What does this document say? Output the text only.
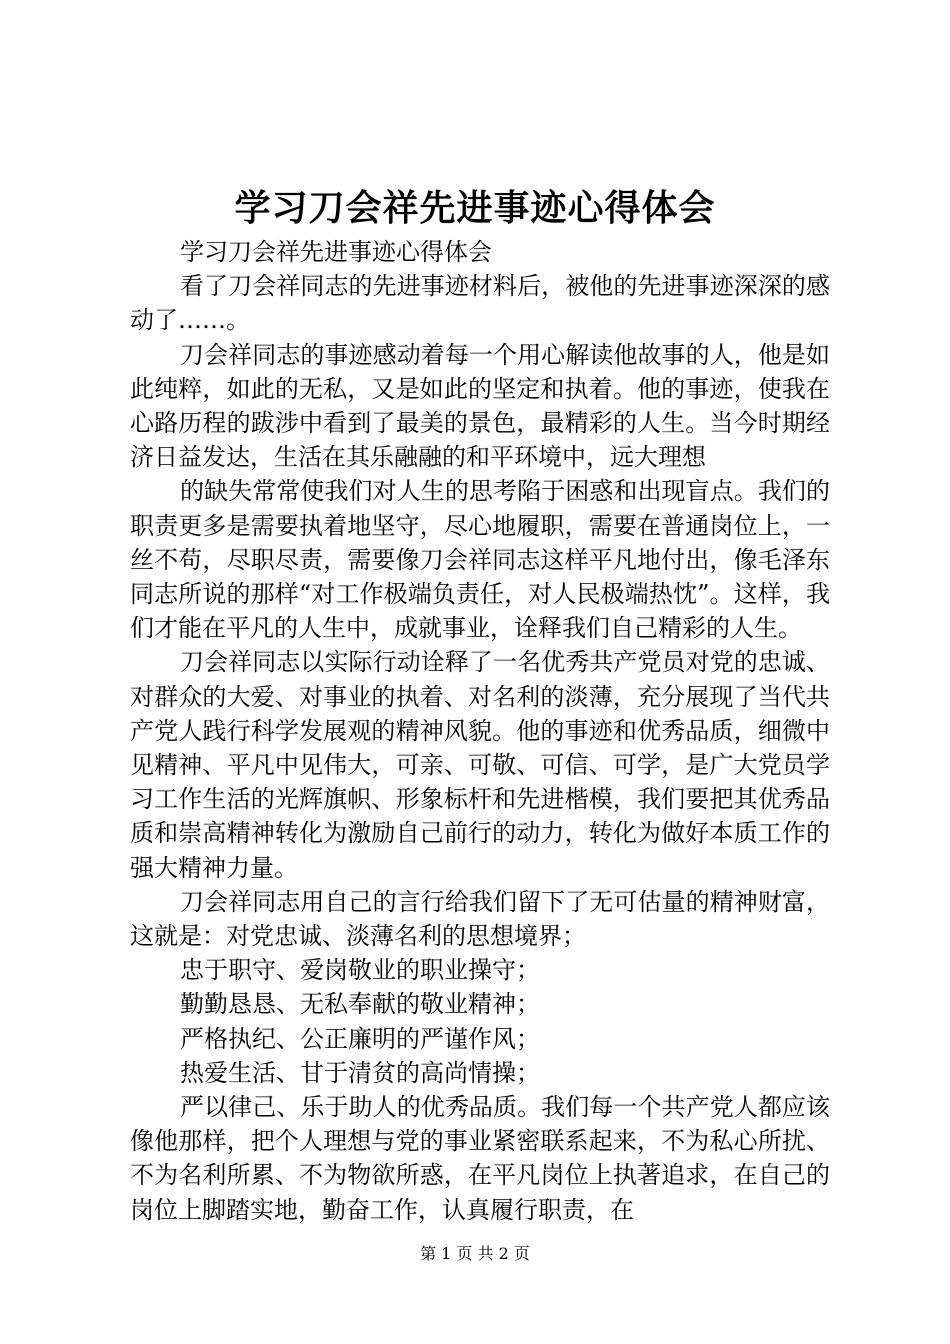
学习刀会祥先进事迹心得体会

学习刀会祥先进事迹心得体会

看了刀会祥同志的先进事迹材料后，被他的先进事迹深深的感动了……。

刀会祥同志的事迹感动着每一个用心解读他故事的人，他是如此纯粹，如此的无私，又是如此的坚定和执着。他的事迹，使我在心路历程的跋涉中看到了最美的景色，最精彩的人生。当今时期经济日益发达，生活在其乐融融的和平环境中，远大理想

的缺失常常使我们对人生的思考陷于困惑和出现盲点。我们的职责更多是需要执着地坚守，尽心地履职，需要在普通岗位上，一丝不苟，尽职尽责，需要像刀会祥同志这样平凡地付出，像毛泽东同志所说的那样“对工作极端负责任，对人民极端热忱”。这样，我们才能在平凡的人生中，成就事业，诠释我们自己精彩的人生。

刀会祥同志以实际行动诠释了一名优秀共产党员对党的忠诚、对群众的大爱、对事业的执着、对名利的淡薄，充分展现了当代共产党人践行科学发展观的精神风貌。他的事迹和优秀品质，细微中见精神、平凡中见伟大，可亲、可敬、可信、可学，是广大党员学习工作生活的光辉旗帜、形象标杆和先进楷模，我们要把其优秀品质和崇高精神转化为激励自己前行的动力，转化为做好本质工作的强大精神力量。

刀会祥同志用自己的言行给我们留下了无可估量的精神财富，这就是：对党忠诚、淡薄名利的思想境界；

忠于职守、爱岗敬业的职业操守；

勤勤恳恳、无私奉献的敬业精神；

严格执纪、公正廉明的严谨作风；

热爱生活、甘于清贫的高尚情操；

严以律己、乐于助人的优秀品质。我们每一个共产党人都应该像他那样，把个人理想与党的事业紧密联系起来，不为私心所扰、不为名利所累、不为物欲所惑，在平凡岗位上执著追求，在自己的岗位上脚踏实地，勤奋工作，认真履行职责，在

第 1 页 共 2 页
